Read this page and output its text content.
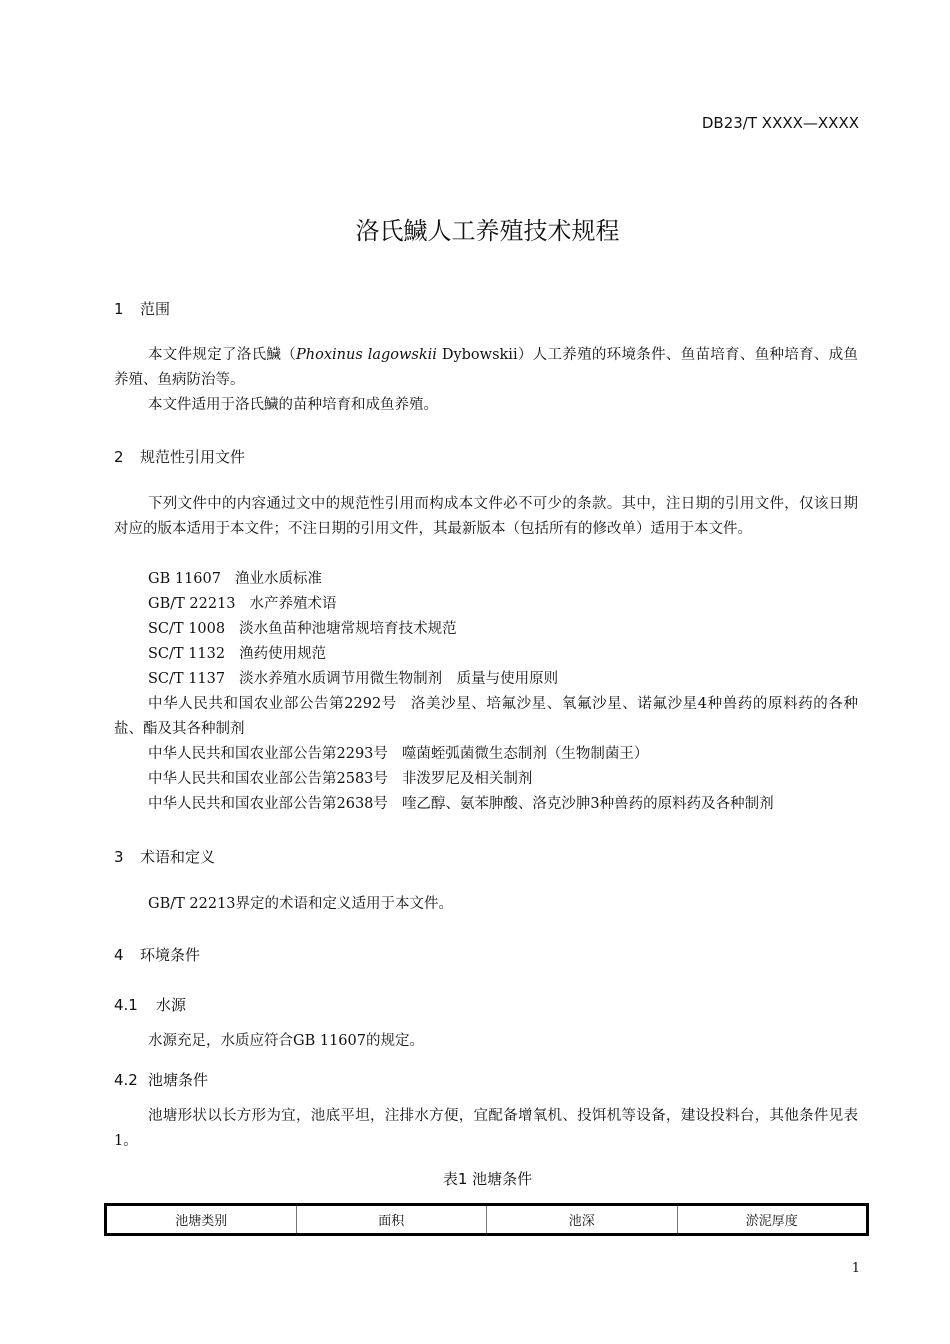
DB23/T XXXX—XXXX
洛氏鱥人工养殖技术规程
1 范围
本文件规定了洛氏鱥（Phoxinus lagowskii Dybowskii）人工养殖的环境条件、鱼苗培育、鱼种培育、成鱼养殖、鱼病防治等。
本文件适用于洛氏鱥的苗种培育和成鱼养殖。
2 规范性引用文件
下列文件中的内容通过文中的规范性引用而构成本文件必不可少的条款。其中，注日期的引用文件，仅该日期对应的版本适用于本文件；不注日期的引用文件，其最新版本（包括所有的修改单）适用于本文件。
GB 11607 渔业水质标准
GB/T 22213 水产养殖术语
SC/T 1008 淡水鱼苗种池塘常规培育技术规范
SC/T 1132 渔药使用规范
SC/T 1137 淡水养殖水质调节用微生物制剂　质量与使用原则
中华人民共和国农业部公告第2292号 洛美沙星、培氟沙星、氧氟沙星、诺氟沙星4种兽药的原料药的各种盐、酯及其各种制剂
中华人民共和国农业部公告第2293号 噬菌蛭弧菌微生态制剂（生物制菌王）
中华人民共和国农业部公告第2583号 非泼罗尼及相关制剂
中华人民共和国农业部公告第2638号 喹乙醇、氨苯胂酸、洛克沙胂3种兽药的原料药及各种制剂
3 术语和定义
GB/T 22213界定的术语和定义适用于本文件。
4 环境条件
4.1 水源
水源充足，水质应符合GB 11607的规定。
4.2 池塘条件
池塘形状以长方形为宜，池底平坦，注排水方便，宜配备增氧机、投饵机等设备，建设投料台，其他条件见表1。
表1 池塘条件
池塘类别	面积	池深	淤泥厚度
1
